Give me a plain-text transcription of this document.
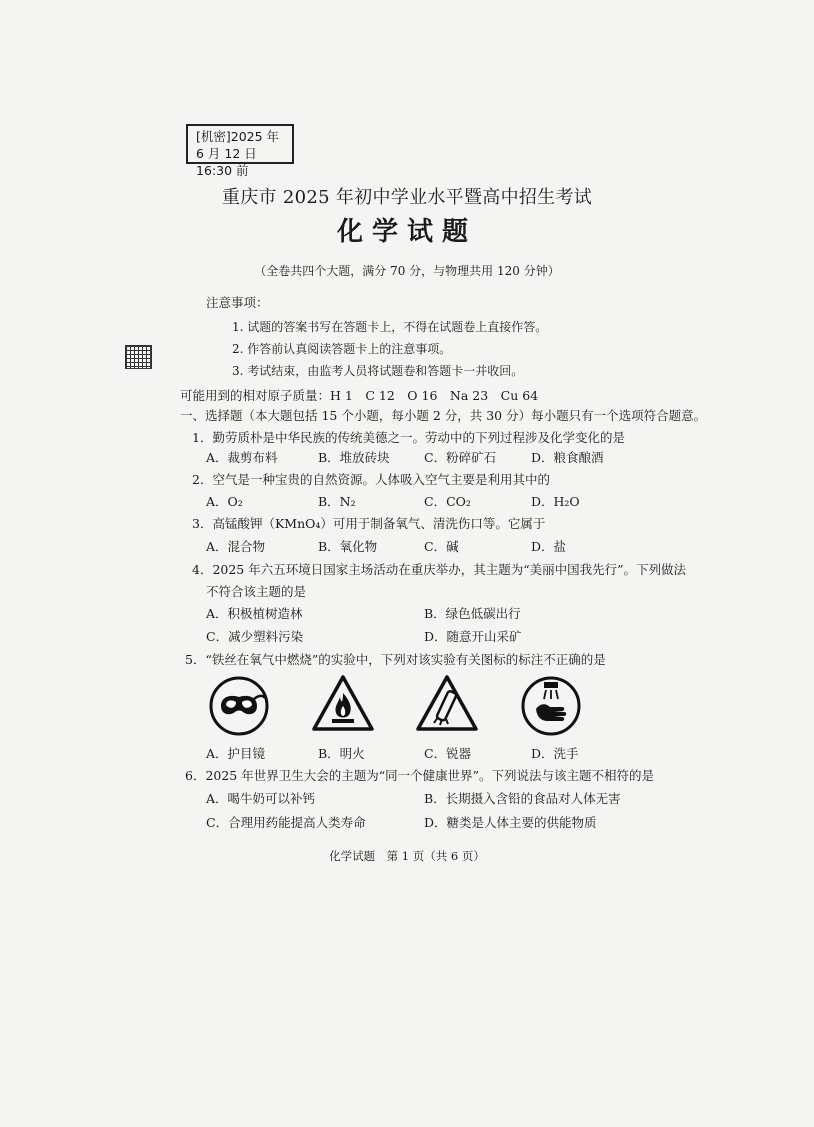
[机密]2025 年
6 月 12 日 16:30 前
重庆市 2025 年初中学业水平暨高中招生考试
化学试题
（全卷共四个大题，满分 70 分，与物理共用 120 分钟）
注意事项：
1. 试题的答案书写在答题卡上，不得在试题卷上直接作答。
2. 作答前认真阅读答题卡上的注意事项。
3. 考试结束，由监考人员将试题卷和答题卡一并收回。
可能用到的相对原子质量：H 1　C 12　O 16　Na 23　Cu 64
一、选择题（本大题包括 15 个小题，每小题 2 分，共 30 分）每小题只有一个选项符合题意。
1．勤劳质朴是中华民族的传统美德之一。劳动中的下列过程涉及化学变化的是
A．裁剪布料	B．堆放砖块	C．粉碎矿石	D．粮食酿酒
2．空气是一种宝贵的自然资源。人体吸入空气主要是利用其中的
A．O₂	B．N₂	C．CO₂	D．H₂O
3．高锰酸钾（KMnO₄）可用于制备氧气、清洗伤口等。它属于
A．混合物	B．氧化物	C．碱	D．盐
4．2025 年六五环境日国家主场活动在重庆举办，其主题为“美丽中国我先行”。下列做法
不符合该主题的是
A．积极植树造林	B．绿色低碳出行
C．减少塑料污染	D．随意开山采矿
5．“铁丝在氧气中燃烧”的实验中，下列对该实验有关图标的标注不正确的是
A．护目镜	B．明火	C．锐器	D．洗手
6．2025 年世界卫生大会的主题为“同一个健康世界”。下列说法与该主题不相符的是
A．喝牛奶可以补钙	B．长期摄入含铅的食品对人体无害
C．合理用药能提高人类寿命	D．糖类是人体主要的供能物质
化学试题　第 1 页（共 6 页）
